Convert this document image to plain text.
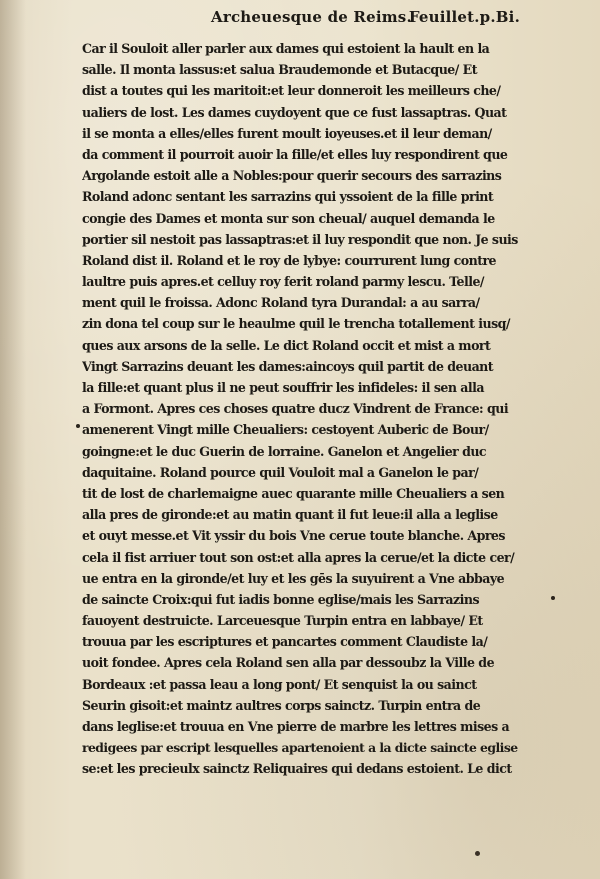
Archeuesque de Reims.
Feuillet.p.Bi.
Car il Souloit aller parler aux dames qui estoient la hault en la
salle. Il monta lassus:et salua Braudemonde et Butacque/ Et
dist a toutes qui les maritoit:et leur donneroit les meilleurs che/
ualiers de lost. Les dames cuydoyent que ce fust lassaptras. Quat
il se monta a elles/elles furent moult ioyeuses.et il leur deman/
da comment il pourroit auoir la fille/et elles luy respondirent que
Argolande estoit alle a Nobles:pour querir secours des sarrazins
Roland adonc sentant les sarrazins qui yssoient de la fille print
congie des Dames et monta sur son cheual/ auquel demanda le
portier sil nestoit pas lassaptras:et il luy respondit que non. Je suis
Roland dist il. Roland et le roy de lybye: courrurent lung contre
laultre puis apres.et celluy roy ferit roland parmy lescu. Telle/
ment quil le froissa. Adonc Roland tyra Durandal: a au sarra/
zin dona tel coup sur le heaulme quil le trencha totallement iusq/
ques aux arsons de la selle. Le dict Roland occit et mist a mort
Vingt Sarrazins deuant les dames:aincoys quil partit de deuant
la fille:et quant plus il ne peut souffrir les infideles: il sen alla
a Formont. Apres ces choses quatre ducz Vindrent de France: qui
amenerent Vingt mille Cheualiers: cestoyent Auberic de Bour/
goingne:et le duc Guerin de lorraine. Ganelon et Angelier duc
daquitaine. Roland pource quil Vouloit mal a Ganelon le par/
tit de lost de charlemaigne auec quarante mille Cheualiers a sen
alla pres de gironde:et au matin quant il fut leue:il alla a leglise
et ouyt messe.et Vit yssir du bois Vne cerue toute blanche. Apres
cela il fist arriuer tout son ost:et alla apres la cerue/et la dicte cer/
ue entra en la gironde/et luy et les gēs la suyuirent a Vne abbaye
de saincte Croix:qui fut iadis bonne eglise/mais les Sarrazins
fauoyent destruicte. Larceuesque Turpin entra en labbaye/ Et
trouua par les escriptures et pancartes comment Claudiste la/
uoit fondee. Apres cela Roland sen alla par dessoubz la Ville de
Bordeaux :et passa leau a long pont/ Et senquist la ou sainct
Seurin gisoit:et maintz aultres corps sainctz. Turpin entra de
dans leglise:et trouua en Vne pierre de marbre les lettres mises a
redigees par escript lesquelles apartenoient a la dicte saincte eglise
se:et les precieulx sainctz Reliquaires qui dedans estoient. Le dict
